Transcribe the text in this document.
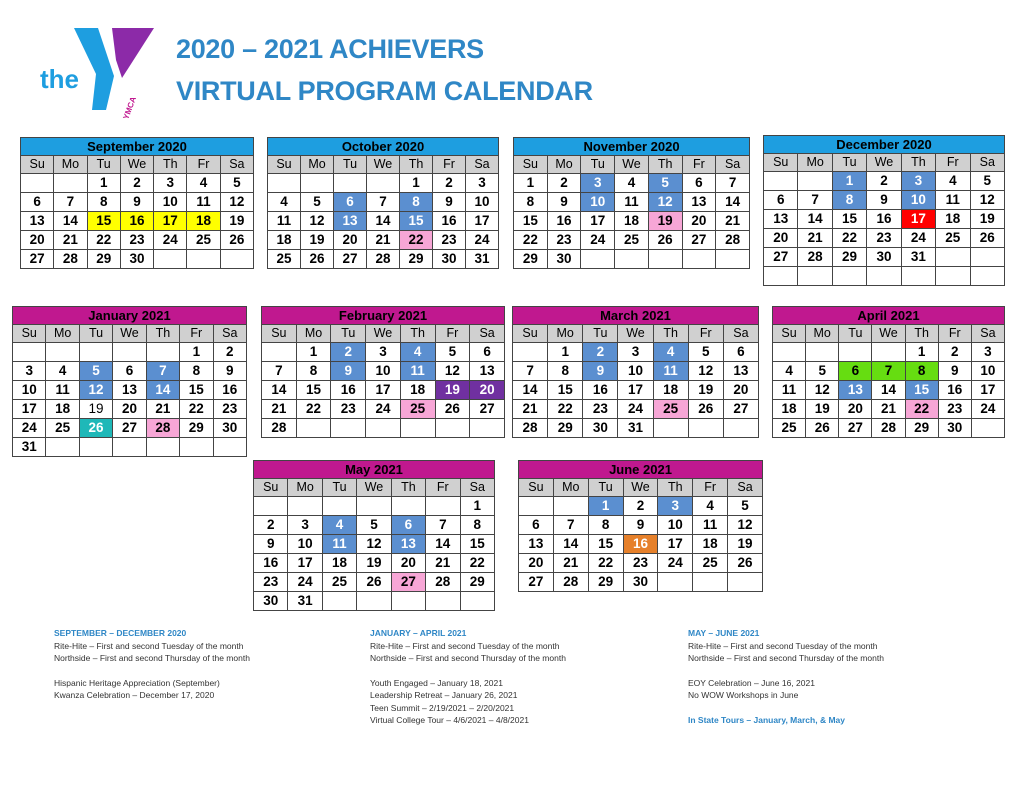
the
YMCA
2020 – 2021 ACHIEVERS
VIRTUAL PROGRAM CALENDAR
September 2020						
Su	Mo	Tu	We	Th	Fr	Sa
		1	2	3	4	5
6	7	8	9	10	11	12
13	14	15	16	17	18	19
20	21	22	23	24	25	26
27	28	29	30			
October 2020						
Su	Mo	Tu	We	Th	Fr	Sa
				1	2	3
4	5	6	7	8	9	10
11	12	13	14	15	16	17
18	19	20	21	22	23	24
25	26	27	28	29	30	31
November 2020						
Su	Mo	Tu	We	Th	Fr	Sa
1	2	3	4	5	6	7
8	9	10	11	12	13	14
15	16	17	18	19	20	21
22	23	24	25	26	27	28
29	30					
December 2020						
Su	Mo	Tu	We	Th	Fr	Sa
		1	2	3	4	5
6	7	8	9	10	11	12
13	14	15	16	17	18	19
20	21	22	23	24	25	26
27	28	29	30	31		

January 2021						
Su	Mo	Tu	We	Th	Fr	Sa
					1	2
3	4	5	6	7	8	9
10	11	12	13	14	15	16
17	18	19	20	21	22	23
24	25	26	27	28	29	30
31						
February 2021						
Su	Mo	Tu	We	Th	Fr	Sa
	1	2	3	4	5	6
7	8	9	10	11	12	13
14	15	16	17	18	19	20
21	22	23	24	25	26	27
28						
March 2021						
Su	Mo	Tu	We	Th	Fr	Sa
	1	2	3	4	5	6
7	8	9	10	11	12	13
14	15	16	17	18	19	20
21	22	23	24	25	26	27
28	29	30	31			
April 2021						
Su	Mo	Tu	We	Th	Fr	Sa
				1	2	3
4	5	6	7	8	9	10
11	12	13	14	15	16	17
18	19	20	21	22	23	24
25	26	27	28	29	30	
May 2021						
Su	Mo	Tu	We	Th	Fr	Sa
						1
2	3	4	5	6	7	8
9	10	11	12	13	14	15
16	17	18	19	20	21	22
23	24	25	26	27	28	29
30	31					
June 2021						
Su	Mo	Tu	We	Th	Fr	Sa
		1	2	3	4	5
6	7	8	9	10	11	12
13	14	15	16	17	18	19
20	21	22	23	24	25	26
27	28	29	30			
SEPTEMBER – DECEMBER 2020
Rite-Hite – First and second Tuesday of the month
Northside – First and second Thursday of the month
Hispanic Heritage Appreciation (September)
Kwanza Celebration – December 17, 2020
JANUARY – APRIL 2021
Rite-Hite – First and second Tuesday of the month
Northside – First and second Thursday of the month
Youth Engaged – January 18, 2021
Leadership Retreat – January 26, 2021
Teen Summit – 2/19/2021 – 2/20/2021
Virtual College Tour – 4/6/2021 – 4/8/2021
MAY – JUNE 2021
Rite-Hite – First and second Tuesday of the month
Northside – First and second Thursday of the month
EOY Celebration – June 16, 2021
No WOW Workshops in June
In State Tours – January, March, & May
